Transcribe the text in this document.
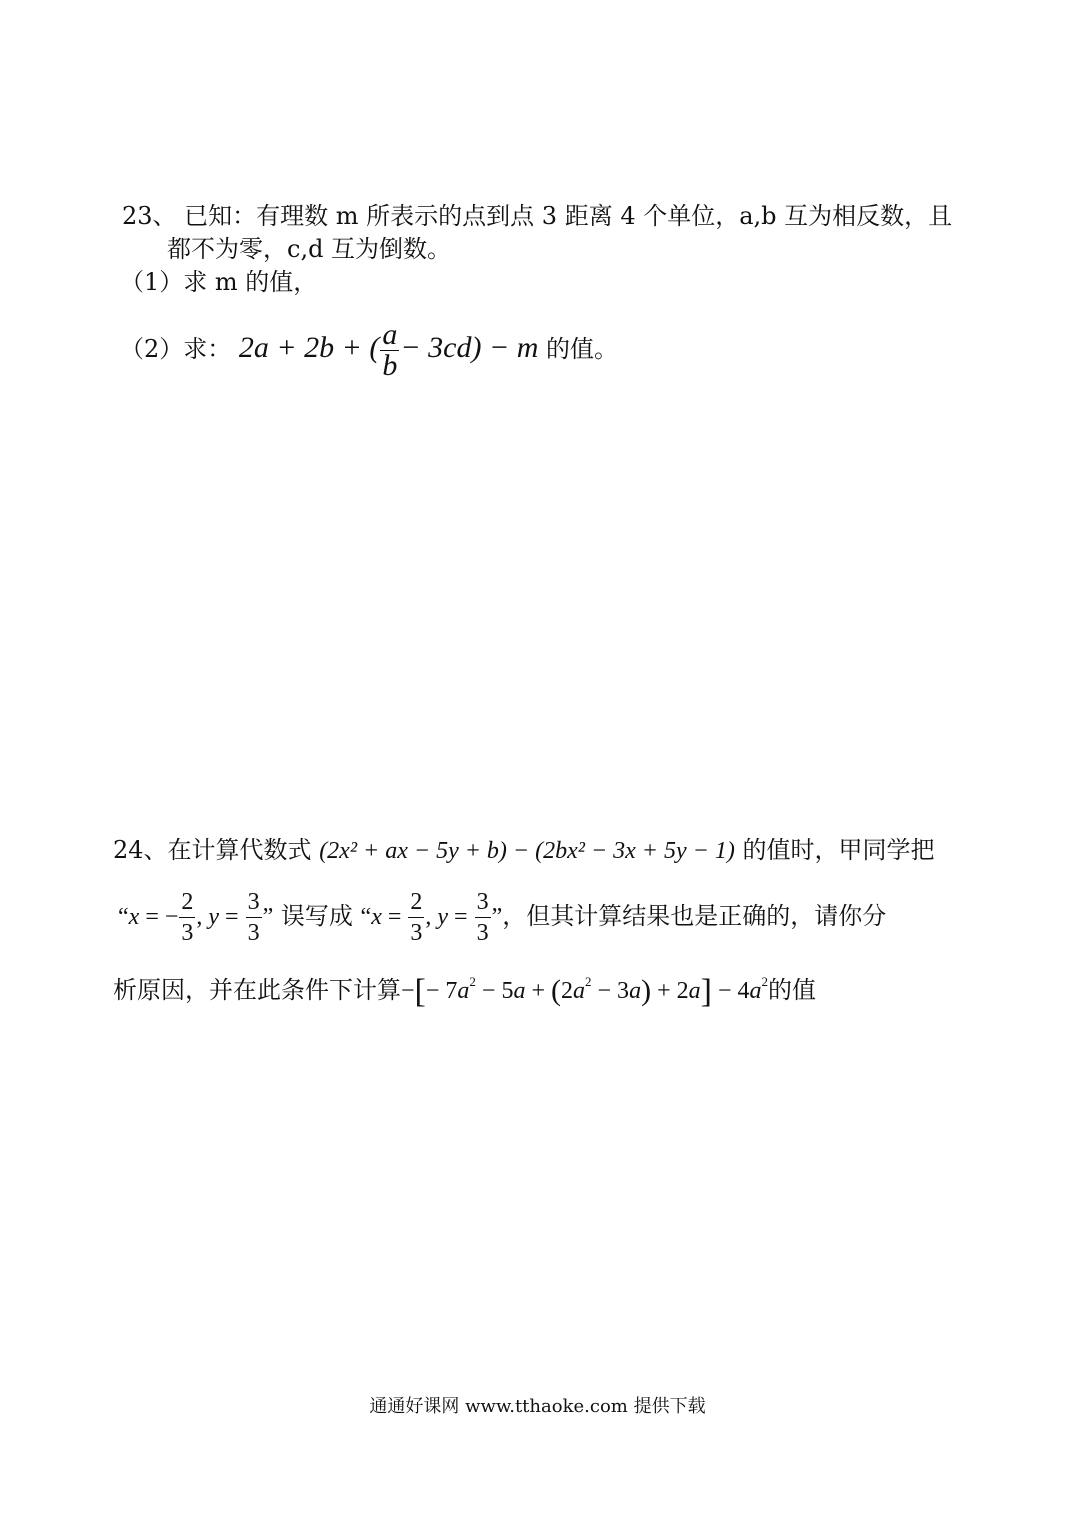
23、 已知：有理数 m 所表示的点到点 3 距离 4 个单位，a,b 互为相反数，且
都不为零，c,d 互为倒数。
（1）求 m 的值，
（2）求： 2a + 2b + ( $\frac{a}{b} - 3cd) - m$ 的值。
24、在计算代数式 (2x² + ax − 5y + b) − (2bx² − 3x + 5y − 1) 的值时，甲同学把
“x = − $\frac{2}{3}$ , $y = \frac{3}{3}$ ” 误写成 “$x = \frac{2}{3}$ , $y = \frac{3}{3}$ ”，但其计算结果也是正确的，请你分
析原因，并在此条件下计算−[− $7a^2 - 5a + (2a^2 - 3a) + 2a] - 4a^2$的值
通通好课网 www.tthaoke.com 提供下载
